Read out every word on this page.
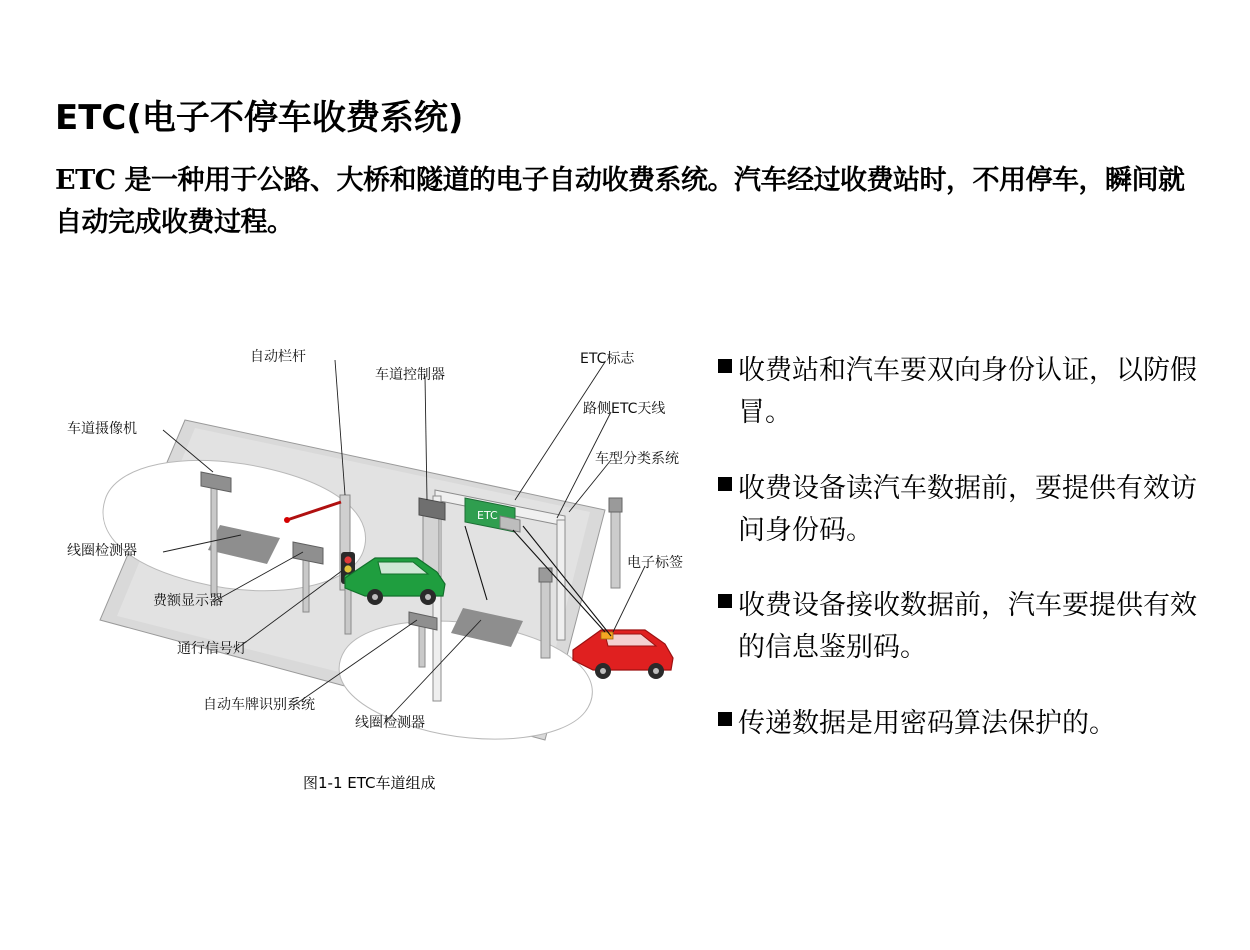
ETC(电子不停车收费系统)
ETC 是一种用于公路、大桥和隧道的电子自动收费系统。汽车经过收费站时，不用停车，瞬间就自动完成收费过程。
ETC
自动栏杆
车道控制器
ETC标志
路侧ETC天线
车型分类系统
车道摄像机
线圈检测器
费额显示器
通行信号灯
自动车牌识别系统
线圈检测器
电子标签
图1-1 ETC车道组成
收费站和汽车要双向身份认证，以防假冒。
收费设备读汽车数据前，要提供有效访问身份码。
收费设备接收数据前，汽车要提供有效的信息鉴别码。
传递数据是用密码算法保护的。
